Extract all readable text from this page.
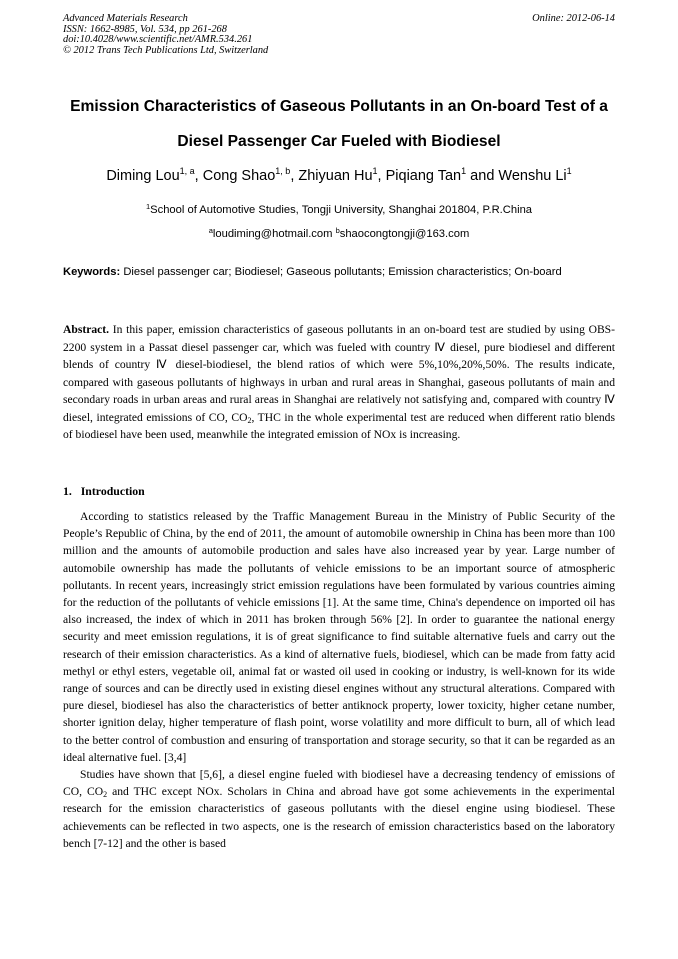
Advanced Materials Research
ISSN: 1662-8985, Vol. 534, pp 261-268
doi:10.4028/www.scientific.net/AMR.534.261
© 2012 Trans Tech Publications Ltd, Switzerland
Online: 2012-06-14
Emission Characteristics of Gaseous Pollutants in an On-board Test of a
Diesel Passenger Car Fueled with Biodiesel
Diming Lou$^{1, a}$, Cong Shao$^{1, b}$, Zhiyuan Hu$^1$, Piqiang Tan$^1$ and Wenshu Li$^1$
$^1$School of Automotive Studies, Tongji University, Shanghai 201804, P.R.China
$^a$loudiming@hotmail.com $^b$shaocongtongji@163.com
Keywords: Diesel passenger car; Biodiesel; Gaseous pollutants; Emission characteristics; On-board
Abstract. In this paper, emission characteristics of gaseous pollutants in an on-board test are studied by using OBS-2200 system in a Passat diesel passenger car, which was fueled with country Ⅳ diesel, pure biodiesel and different blends of country Ⅳ diesel-biodiesel, the blend ratios of which were 5%,10%,20%,50%. The results indicate, compared with gaseous pollutants of highways in urban and rural areas in Shanghai, gaseous pollutants of main and secondary roads in urban areas and rural areas in Shanghai are relatively not satisfying and, compared with country Ⅳ diesel, integrated emissions of CO, $CO_2$, THC in the whole experimental test are reduced when different ratio blends of biodiesel have been used, meanwhile the integrated emission of NOx is increasing.
1. Introduction

According to statistics released by the Traffic Management Bureau in the Ministry of Public Security of the People’s Republic of China, by the end of 2011, the amount of automobile ownership in China has been more than 100 million and the amounts of automobile production and sales have also increased year by year. Large number of automobile ownership has made the pollutants of vehicle emissions to be an important source of atmospheric pollutants. In recent years, increasingly strict emission regulations have been formulated by various countries aiming for the reduction of the pollutants of vehicle emissions [1]. At the same time, China's dependence on imported oil has also increased, the index of which in 2011 has broken through 56% [2]. In order to guarantee the national energy security and meet emission regulations, it is of great significance to find suitable alternative fuels and carry out the research of their emission characteristics. As a kind of alternative fuels, biodiesel, which can be made from fatty acid methyl or ethyl esters, vegetable oil, animal fat or wasted oil used in cooking or industry, is well-known for its wide range of sources and can be directly used in existing diesel engines without any structural alterations. Compared with pure diesel, biodiesel has also the characteristics of better antiknock property, lower toxicity, higher cetane number, shorter ignition delay, higher temperature of flash point, worse volatility and more difficult to burn, all of which lead to the better control of combustion and ensuring of transportation and storage security, so that it can be regarded as an ideal alternative fuel. [3,4]

Studies have shown that [5,6], a diesel engine fueled with biodiesel have a decreasing tendency of emissions of CO, $CO_2$ and THC except NOx. Scholars in China and abroad have got some achievements in the experimental research for the emission characteristics of gaseous pollutants with the diesel engine using biodiesel. These achievements can be reflected in two aspects, one is the research of emission characteristics based on the laboratory bench [7-12] and the other is based
